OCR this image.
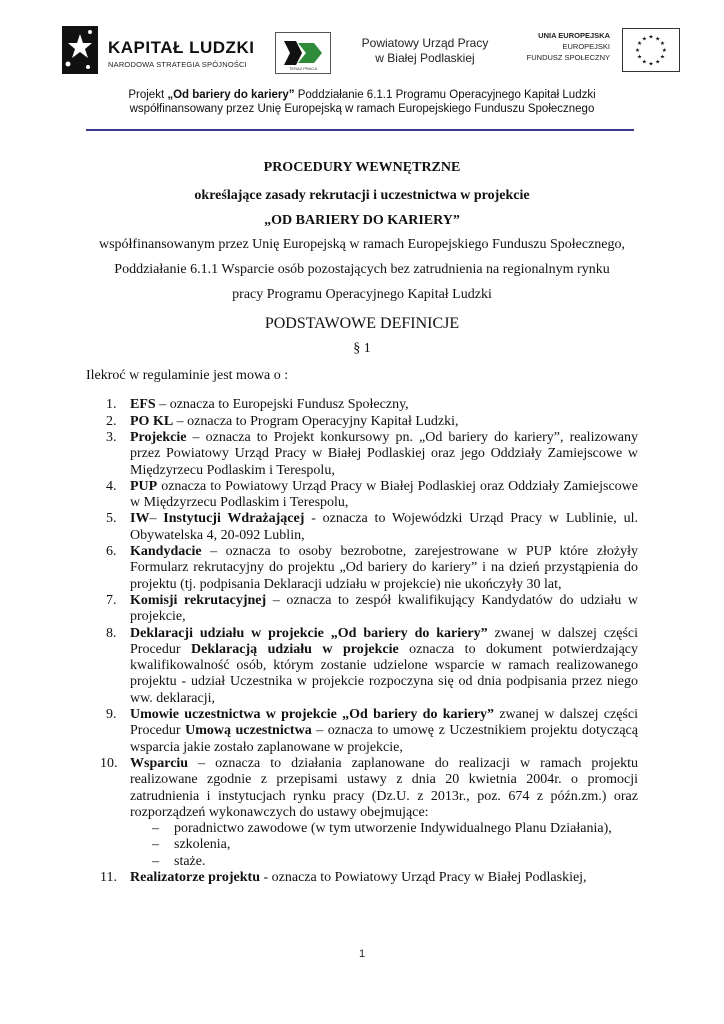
KAPITAŁ LUDZKI
NARODOWA STRATEGIA SPÓJNOŚCI	TERAZ PRACA
Powiatowy Urząd Pracy
w Białej Podlaskiej
UNIA EUROPEJSKA
EUROPEJSKI
FUNDUSZ SPOŁECZNY
★ ★
★
★
★
★
★
★
★
★
★
★
Projekt „Od bariery do kariery” Poddziałanie 6.1.1 Programu Operacyjnego Kapitał Ludzki
współfinansowany przez Unię Europejską w ramach Europejskiego Funduszu Społecznego
PROCEDURY WEWNĘTRZNE
określające zasady rekrutacji i uczestnictwa w projekcie
„OD BARIERY DO KARIERY”
współfinansowanym przez Unię Europejską w ramach Europejskiego Funduszu Społecznego,
Poddziałanie 6.1.1 Wsparcie osób pozostających bez zatrudnienia na regionalnym rynku
pracy Programu Operacyjnego Kapitał Ludzki
PODSTAWOWE DEFINICJE
§ 1
Ilekroć w regulaminie jest mowa o :
1. EFS – oznacza to Europejski Fundusz Społeczny,
2. PO KL – oznacza to Program Operacyjny Kapitał Ludzki,
3. Projekcie – oznacza to Projekt konkursowy pn. „Od bariery do kariery”, realizowany przez Powiatowy Urząd Pracy w Białej Podlaskiej oraz jego Oddziały Zamiejscowe w Międzyrzecu Podlaskim i Terespolu,
4. PUP oznacza to Powiatowy Urząd Pracy w Białej Podlaskiej oraz Oddziały Zamiejscowe w Międzyrzecu Podlaskim i Terespolu,
5. IW– Instytucji Wdrażającej - oznacza to Wojewódzki Urząd Pracy w Lublinie, ul. Obywatelska 4, 20-092 Lublin,
6. Kandydacie – oznacza to osoby bezrobotne, zarejestrowane w PUP które złożyły Formularz rekrutacyjny do projektu „Od bariery do kariery” i na dzień przystąpienia do projektu (tj. podpisania Deklaracji udziału w projekcie) nie ukończyły 30 lat,
7. Komisji rekrutacyjnej – oznacza to zespół kwalifikujący Kandydatów do udziału w projekcie,
8. Deklaracji udziału w projekcie „Od bariery do kariery” zwanej w dalszej części Procedur Deklaracją udziału w projekcie oznacza to dokument potwierdzający kwalifikowalność osób, którym zostanie udzielone wsparcie w ramach realizowanego projektu - udział Uczestnika w projekcie rozpoczyna się od dnia podpisania przez niego ww. deklaracji,
9. Umowie uczestnictwa w projekcie „Od bariery do kariery” zwanej w dalszej części Procedur Umową uczestnictwa – oznacza to umowę z Uczestnikiem projektu dotyczącą wsparcia jakie zostało zaplanowane w projekcie,
10. Wsparciu – oznacza to działania zaplanowane do realizacji w ramach projektu realizowane zgodnie z przepisami ustawy z dnia 20 kwietnia 2004r. o promocji zatrudnienia i instytucjach rynku pracy (Dz.U. z 2013r., poz. 674 z późn.zm.) oraz rozporządzeń wykonawczych do ustawy obejmujące:
– poradnictwo zawodowe (w tym utworzenie Indywidualnego Planu Działania),
– szkolenia,
– staże.
11. Realizatorze projektu - oznacza to Powiatowy Urząd Pracy w Białej Podlaskiej,
1
